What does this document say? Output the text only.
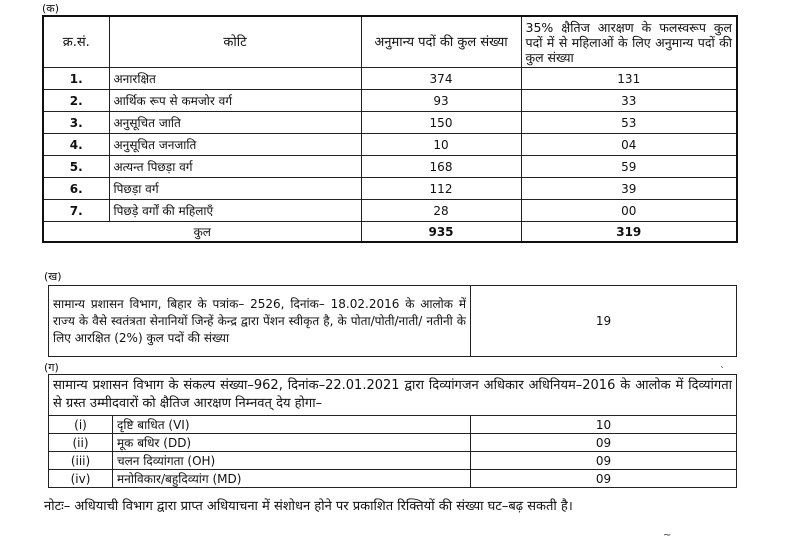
(क)
क्र.सं.	कोटि	अनुमान्य पदों की कुल संख्या	35% क्षैतिज आरक्षण के फलस्वरूप कुल पदों में से महिलाओं के लिए अनुमान्य पदों की कुल संख्या
1.	अनारक्षित	374	131
2.	आर्थिक रूप से कमजोर वर्ग	93	33
3.	अनुसूचित जाति	150	53
4.	अनुसूचित जनजाति	10	04
5.	अत्यन्त पिछड़ा वर्ग	168	59
6.	पिछड़ा वर्ग	112	39
7.	पिछड़े वर्गों की महिलाएँ	28	00
कुल		935	319
(ख)
सामान्य प्रशासन विभाग, बिहार के पत्रांक– 2526, दिनांक– 18.02.2016 के आलोक में राज्य के वैसे स्वतंत्रता सेनानियों जिन्हें केन्द्र द्वारा पेंशन स्वीकृत है, के पोता/पोती/नाती/ नतीनी के लिए आरक्षित (2%) कुल पदों की संख्या	19
(ग)	`
सामान्य प्रशासन विभाग के संकल्प संख्या–962, दिनांक–22.01.2021 द्वारा दिव्यांगजन अधिकार अधिनियम–2016 के आलोक में दिव्यांगता से ग्रस्त उम्मीदवारों को क्षैतिज आरक्षण निम्नवत् देय होगा–		
(i)	दृष्टि बाधित (VI)	10
(ii)	मूक बधिर (DD)	09
(iii)	चलन दिव्यांगता (OH)	09
(iv)	मनोविकार/बहुदिव्यांग (MD)	09
नोटः– अधियाची विभाग द्वारा प्राप्त अधियाचना में संशोधन होने पर प्रकाशित रिक्तियों की संख्या घट–बढ़ सकती है।
~
